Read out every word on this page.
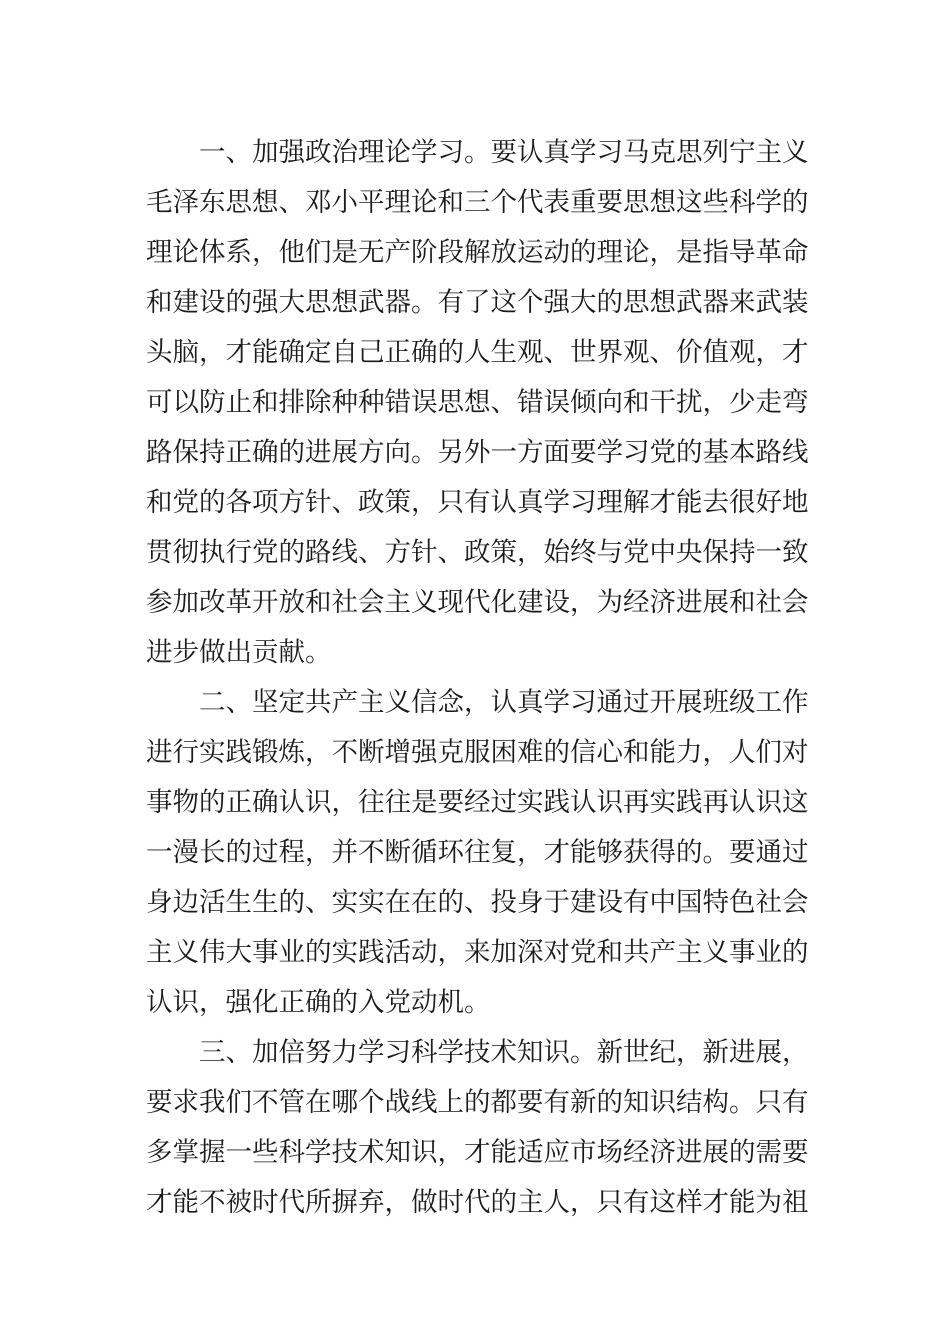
一、加强政治理论学习。要认真学习马克思列宁主义
毛泽东思想、邓小平理论和三个代表重要思想这些科学的
理论体系，他们是无产阶段解放运动的理论，是指导革命
和建设的强大思想武器。有了这个强大的思想武器来武装
头脑，才能确定自己正确的人生观、世界观、价值观，才
可以防止和排除种种错误思想、错误倾向和干扰，少走弯
路保持正确的进展方向。另外一方面要学习党的基本路线
和党的各项方针、政策，只有认真学习理解才能去很好地
贯彻执行党的路线、方针、政策，始终与党中央保持一致
参加改革开放和社会主义现代化建设，为经济进展和社会
进步做出贡献。
二、坚定共产主义信念，认真学习通过开展班级工作
进行实践锻炼，不断增强克服困难的信心和能力，人们对
事物的正确认识，往往是要经过实践认识再实践再认识这
一漫长的过程，并不断循环往复，才能够获得的。要通过
身边活生生的、实实在在的、投身于建设有中国特色社会
主义伟大事业的实践活动，来加深对党和共产主义事业的
认识，强化正确的入党动机。
三、加倍努力学习科学技术知识。新世纪，新进展，
要求我们不管在哪个战线上的都要有新的知识结构。只有
多掌握一些科学技术知识，才能适应市场经济进展的需要
才能不被时代所摒弃，做时代的主人，只有这样才能为祖
